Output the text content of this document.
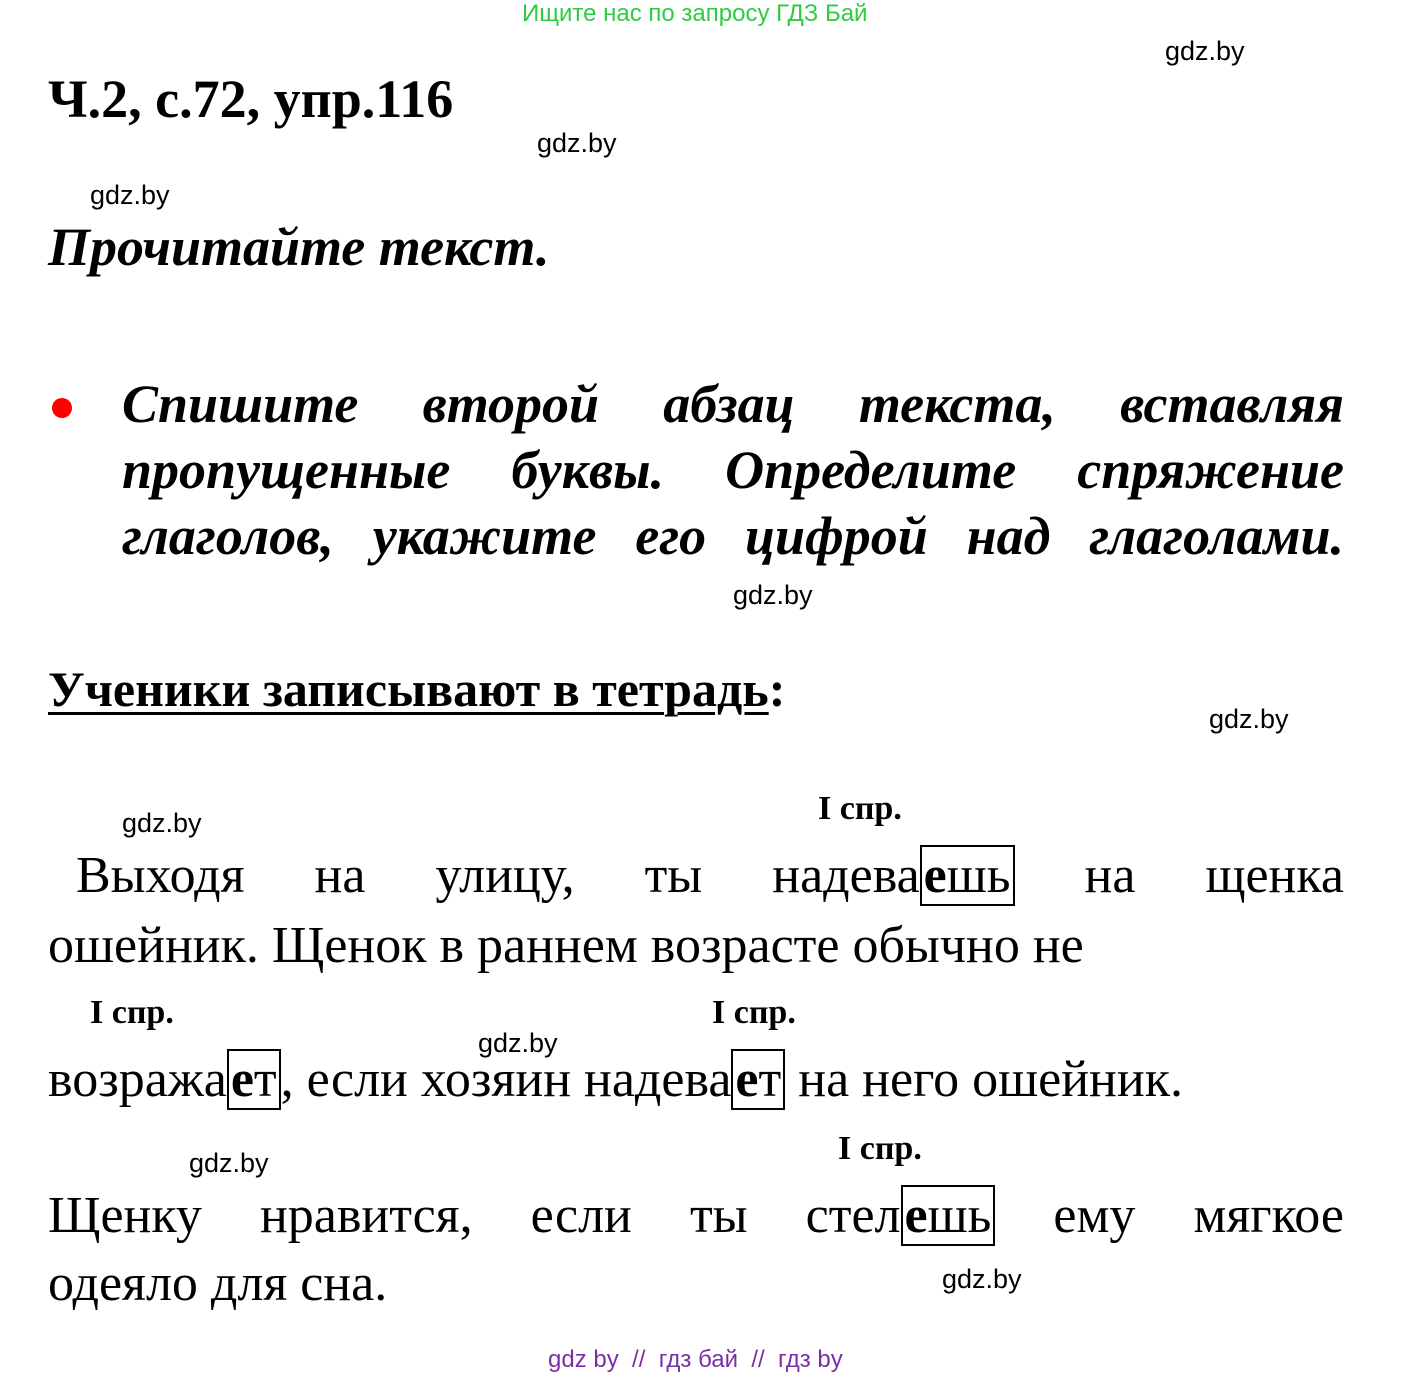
Ищите нас по запросу ГДЗ Бай
Ч.2, с.72, упр.116
gdz.by
gdz.by
gdz.by
gdz.by
gdz.by
gdz.by
gdz.by
gdz.by
gdz.by
Прочитайте текст.
Спишите второй абзац текста, вставляя
пропущенные буквы. Определите спряжение
глаголов, укажите его цифрой над глаголами.
Ученики записывают в тетрадь:
I спр.
I спр.	I спр.
I спр.
Выходя на улицу, ты надеваешь на щенка
ошейник. Щенок в раннем возрасте обычно не
возражает, если хозяин надевает на него ошейник.
Щенку нравится, если ты стелешь ему мягкое
одеяло для сна.
gdz by  //  гдз бай  //  гдз by
